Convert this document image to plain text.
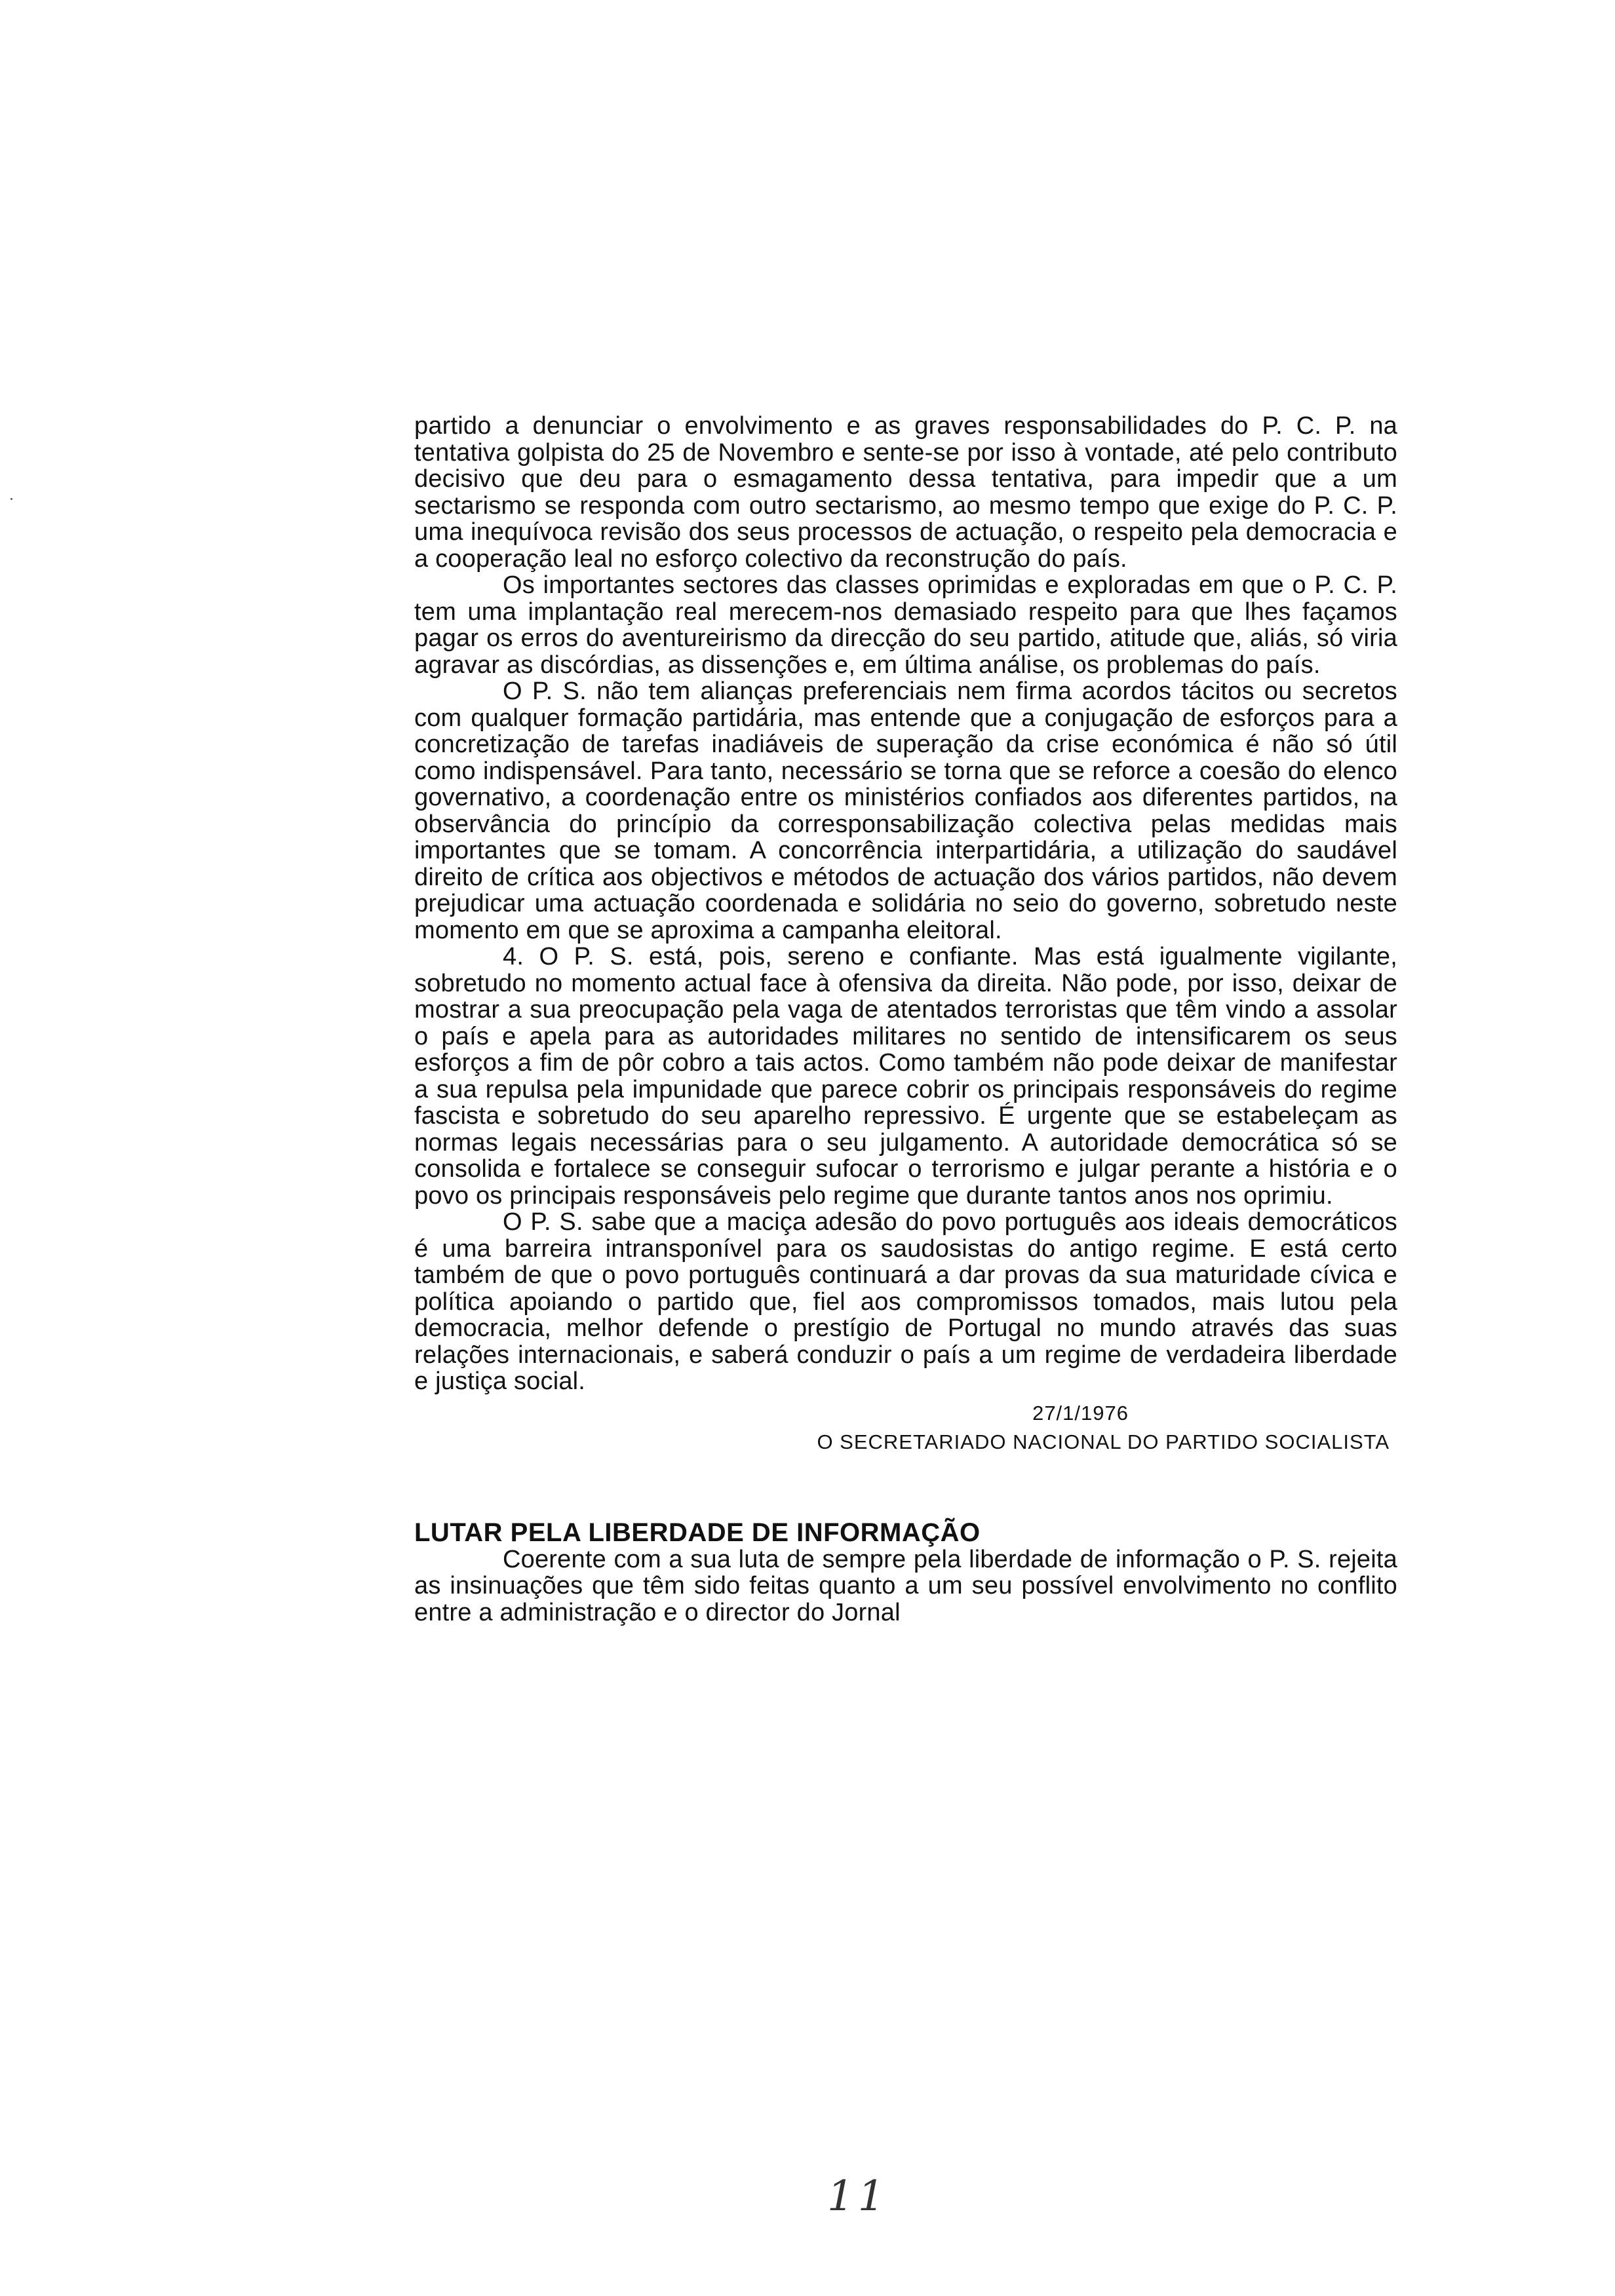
partido a denunciar o envolvimento e as graves responsabilidades do P. C. P. na tentativa golpista do 25 de Novembro e sente-se por isso à vontade, até pelo contributo decisivo que deu para o esmagamento dessa tentativa, para impedir que a um sectarismo se responda com outro sectarismo, ao mesmo tempo que exige do P. C. P. uma inequívoca revisão dos seus processos de actuação, o respeito pela democracia e a cooperação leal no esforço colectivo da reconstrução do país.

Os importantes sectores das classes oprimidas e exploradas em que o P. C. P. tem uma implantação real merecem-nos demasiado respeito para que lhes façamos pagar os erros do aventureirismo da direcção do seu partido, atitude que, aliás, só viria agravar as discórdias, as dissenções e, em última análise, os problemas do país.

O P. S. não tem alianças preferenciais nem firma acordos tácitos ou secretos com qualquer formação partidária, mas entende que a conjugação de esforços para a concretização de tarefas inadiáveis de superação da crise económica é não só útil como indispensável. Para tanto, necessário se torna que se reforce a coesão do elenco governativo, a coordenação entre os ministérios confiados aos diferentes partidos, na observância do princípio da corresponsabilização colectiva pelas medidas mais importantes que se tomam. A concorrência interpartidária, a utilização do saudável direito de crítica aos objectivos e métodos de actuação dos vários partidos, não devem prejudicar uma actuação coordenada e solidária no seio do governo, sobretudo neste momento em que se aproxima a campanha eleitoral.

4. O P. S. está, pois, sereno e confiante. Mas está igualmente vigilante, sobretudo no momento actual face à ofensiva da direita. Não pode, por isso, deixar de mostrar a sua preocupação pela vaga de atentados terroristas que têm vindo a assolar o país e apela para as autoridades militares no sentido de intensificarem os seus esforços a fim de pôr cobro a tais actos. Como também não pode deixar de manifestar a sua repulsa pela impunidade que parece cobrir os principais responsáveis do regime fascista e sobretudo do seu aparelho repressivo. É urgente que se estabeleçam as normas legais necessárias para o seu julgamento. A autoridade democrática só se consolida e fortalece se conseguir sufocar o terrorismo e julgar perante a história e o povo os principais responsáveis pelo regime que durante tantos anos nos oprimiu.

O P. S. sabe que a maciça adesão do povo português aos ideais democráticos é uma barreira intransponível para os saudosistas do antigo regime. E está certo também de que o povo português continuará a dar provas da sua maturidade cívica e política apoiando o partido que, fiel aos compromissos tomados, mais lutou pela democracia, melhor defende o prestígio de Portugal no mundo através das suas relações internacionais, e saberá conduzir o país a um regime de verdadeira liberdade e justiça social.

27/1/1976
O SECRETARIADO NACIONAL DO PARTIDO SOCIALISTA
LUTAR PELA LIBERDADE DE INFORMAÇÃO

Coerente com a sua luta de sempre pela liberdade de informação o P. S. rejeita as insinuações que têm sido feitas quanto a um seu possível envolvimento no conflito entre a administração e o director do Jornal

11
